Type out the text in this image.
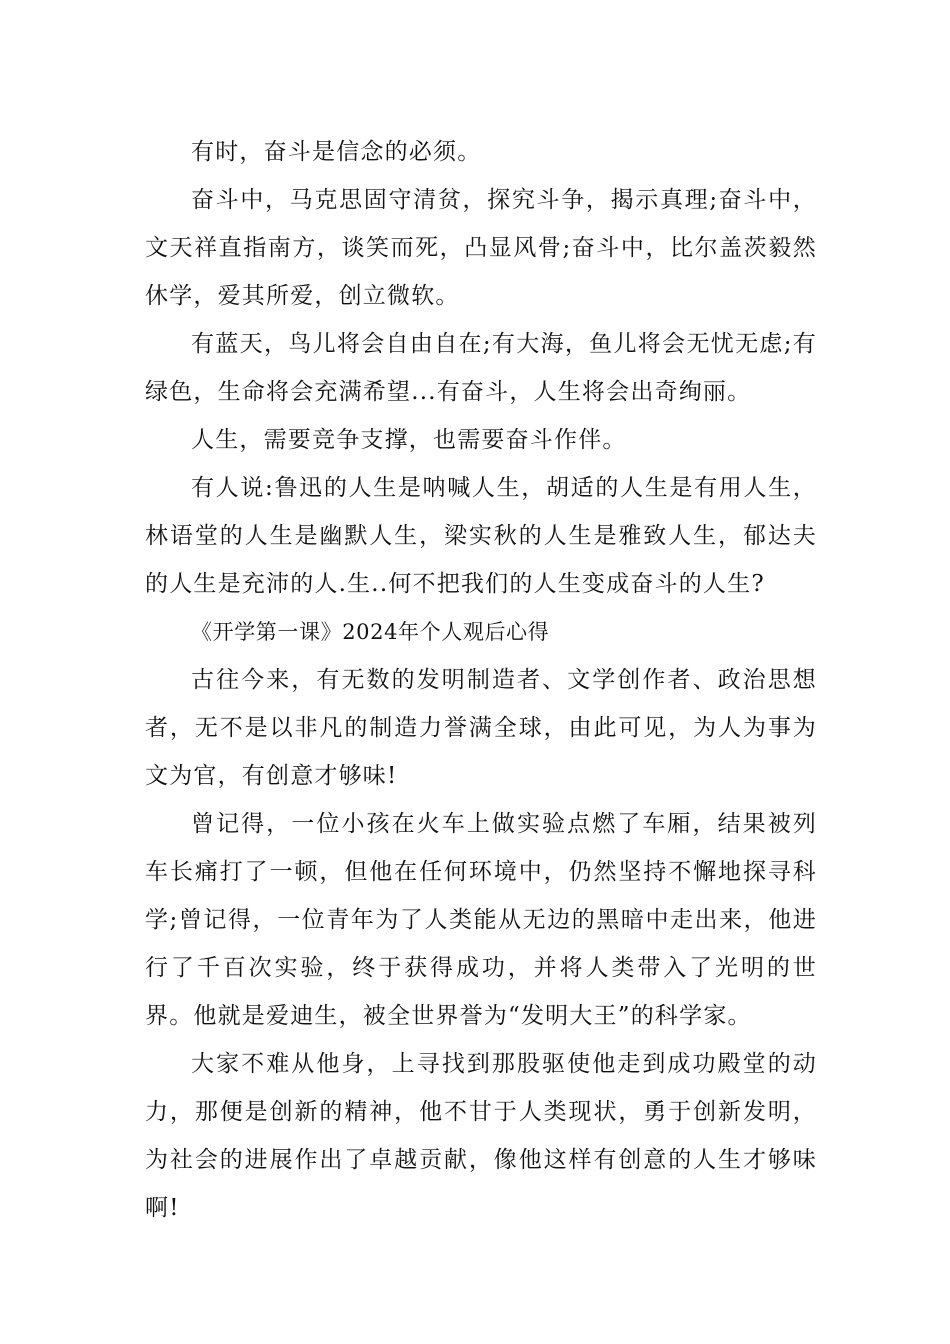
有时，奋斗是信念的必须。

奋斗中，马克思固守清贫，探究斗争，揭示真理;奋斗中，文天祥直指南方，谈笑而死，凸显风骨;奋斗中，比尔盖茨毅然休学，爱其所爱，创立微软。

有蓝天，鸟儿将会自由自在;有大海，鱼儿将会无忧无虑;有绿色，生命将会充满希望...有奋斗，人生将会出奇绚丽。

人生，需要竞争支撑，也需要奋斗作伴。

有人说:鲁迅的人生是呐喊人生，胡适的人生是有用人生，林语堂的人生是幽默人生，梁实秋的人生是雅致人生，郁达夫的人生是充沛的人.生..何不把我们的人生变成奋斗的人生?

《开学第一课》2024年个人观后心得

古往今来，有无数的发明制造者、文学创作者、政治思想者，无不是以非凡的制造力誉满全球，由此可见，为人为事为文为官，有创意才够味!

曾记得，一位小孩在火车上做实验点燃了车厢，结果被列车长痛打了一顿，但他在任何环境中，仍然坚持不懈地探寻科学;曾记得，一位青年为了人类能从无边的黑暗中走出来，他进行了千百次实验，终于获得成功，并将人类带入了光明的世界。他就是爱迪生，被全世界誉为“发明大王”的科学家。

大家不难从他身，上寻找到那股驱使他走到成功殿堂的动力，那便是创新的精神，他不甘于人类现状，勇于创新发明，为社会的进展作出了卓越贡献，像他这样有创意的人生才够味啊!
